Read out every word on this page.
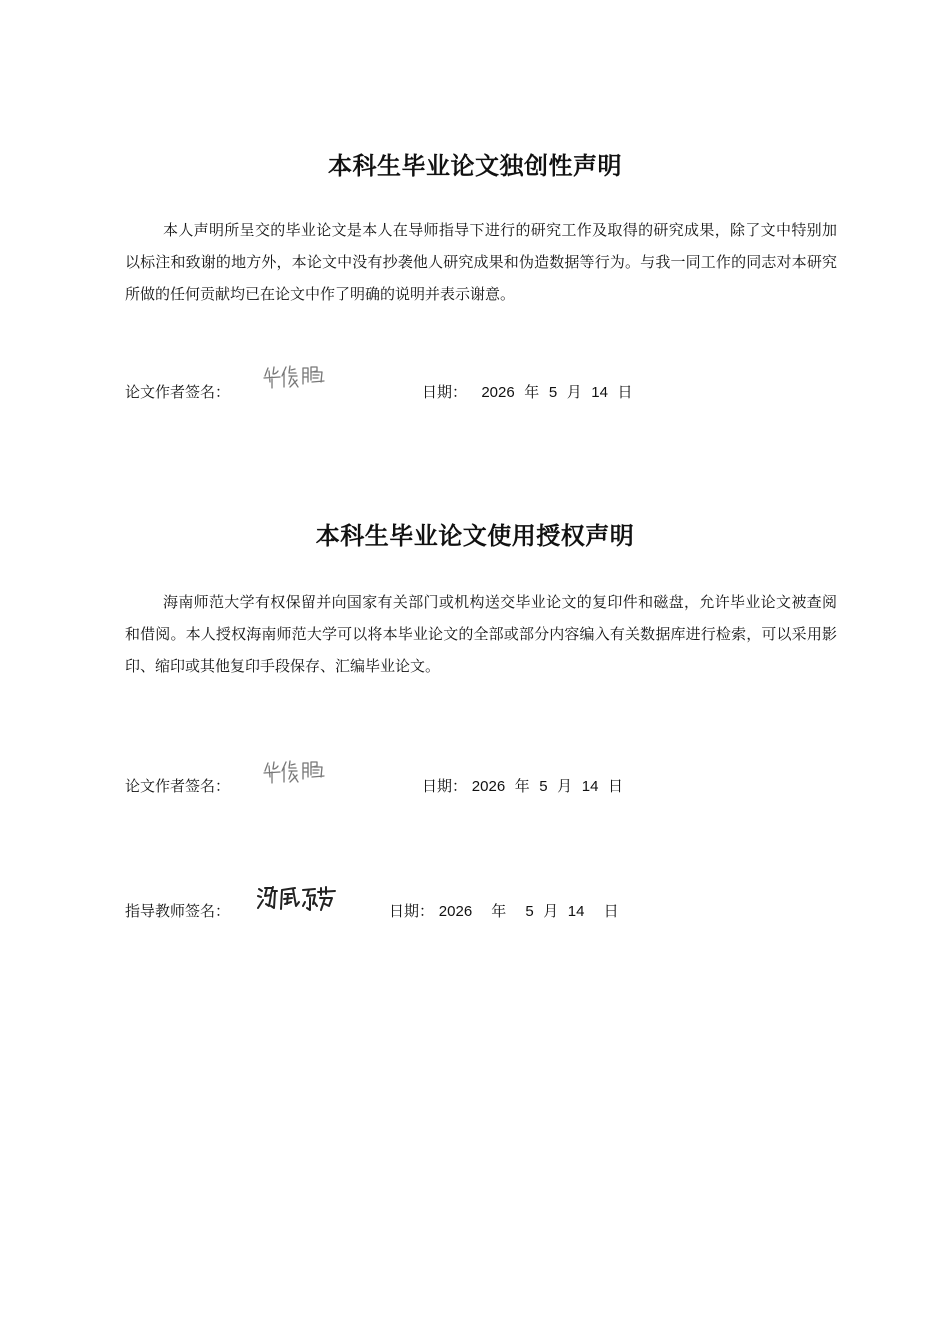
本科生毕业论文独创性声明
本人声明所呈交的毕业论文是本人在导师指导下进行的研究工作及取得的研究成果，除了文中特别加以标注和致谢的地方外，本论文中没有抄袭他人研究成果和伪造数据等行为。与我一同工作的同志对本研究所做的任何贡献均已在论文中作了明确的说明并表示谢意。
论文作者签名：	日期： 2026 年 5 月 14 日
本科生毕业论文使用授权声明
海南师范大学有权保留并向国家有关部门或机构送交毕业论文的复印件和磁盘，允许毕业论文被查阅和借阅。本人授权海南师范大学可以将本毕业论文的全部或部分内容编入有关数据库进行检索，可以采用影印、缩印或其他复印手段保存、汇编毕业论文。
论文作者签名：	日期： 2026 年 5 月 14 日
指导教师签名：	日期： 2026 年 5 月 14 日
